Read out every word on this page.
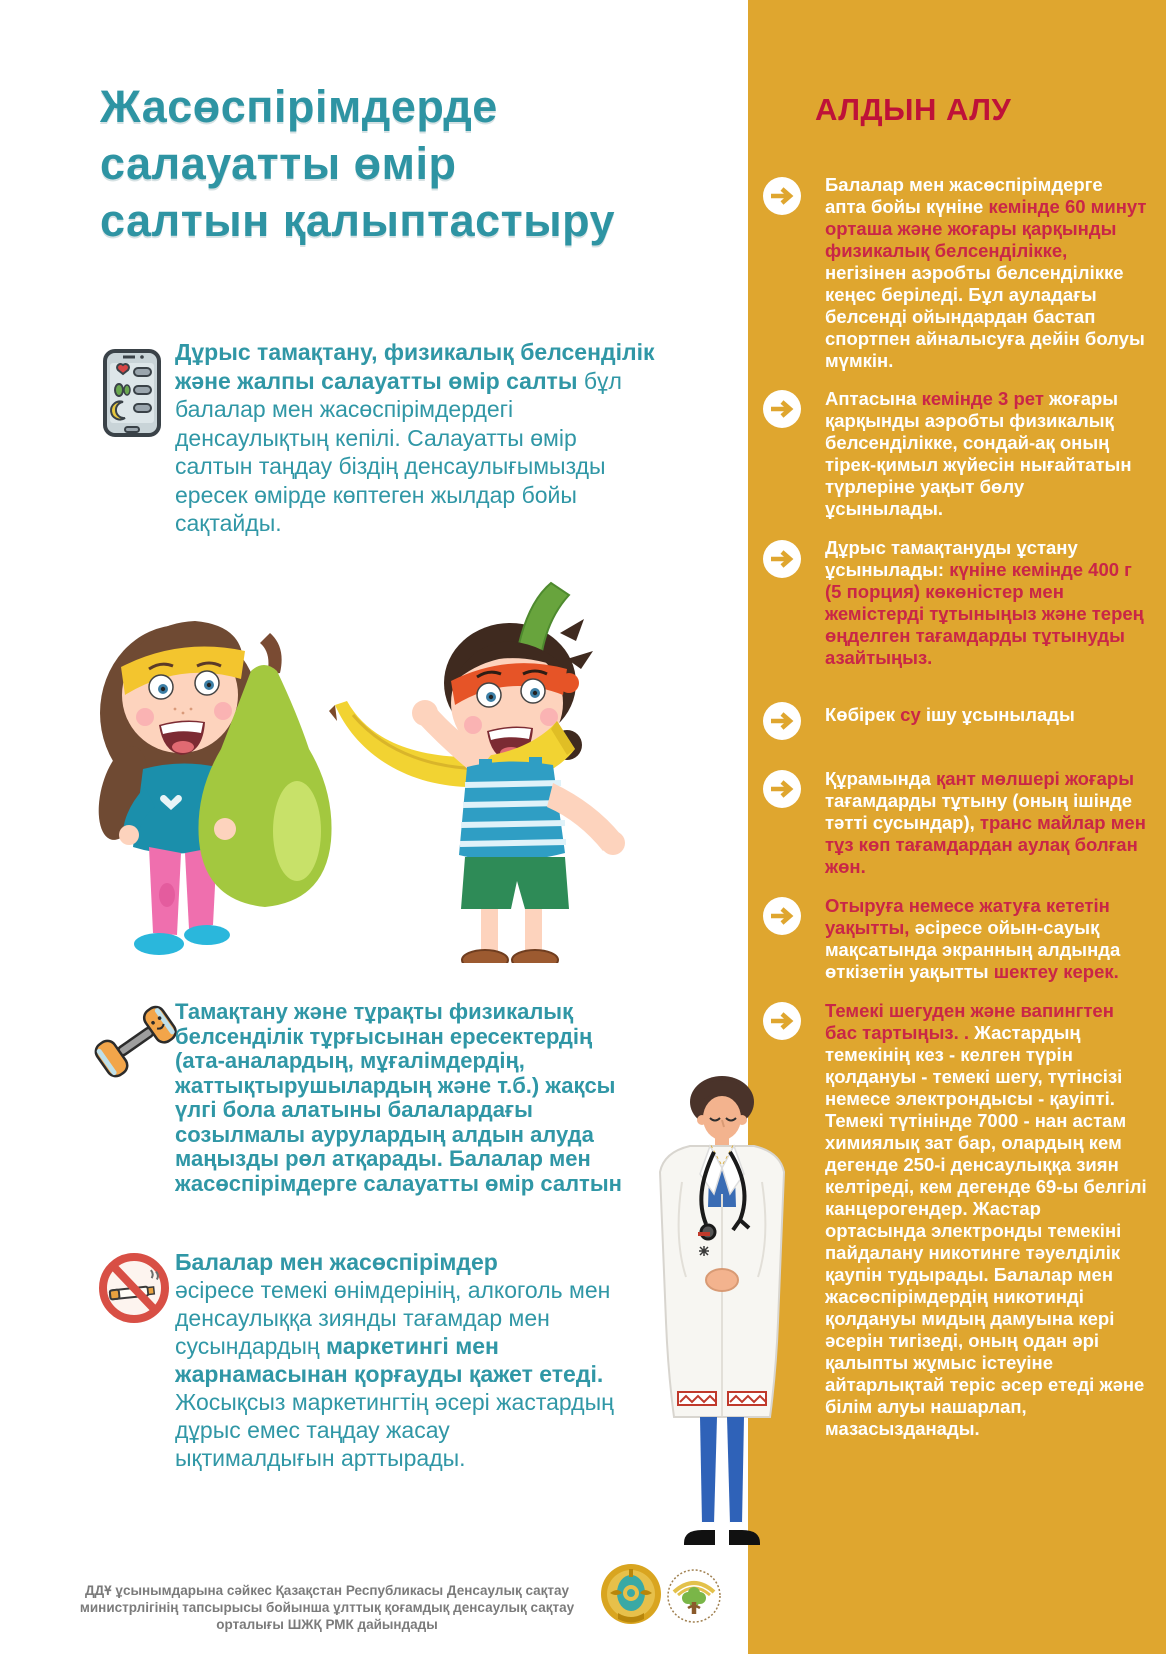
Жасөспірімдерде
салауатты өмір
салтын қалыптастыру
Дұрыс тамақтану, физикалық белсенділік және жалпы салауатты өмір салты бұл балалар мен жасөспірімдердегі денсаулықтың кепілі. Салауатты өмір салтын таңдау біздің денсаулығымызды ересек өмірде көптеген жылдар бойы сақтайды.
Тамақтану және тұрақты физикалық белсенділік тұрғысынан ересектердің (ата-аналардың, мұғалімдердің, жаттықтырушылардың және т.б.) жақсы үлгі бола алатыны балалардағы созылмалы аурулардың алдын алуда маңызды рөл атқарады. Балалар мен жасөспірімдерге салауатты өмір салтын
Балалар мен жасөспірімдер
әсіресе темекі өнімдерінің, алкоголь мен денсаулыққа зиянды тағамдар мен сусындардың маркетингі мен жарнамасынан қорғауды қажет етеді. Жосықсыз маркетингтің әсері жастардың дұрыс емес таңдау жасау ықтималдығын арттырады.
АЛДЫН АЛУ
Балалар мен жасөспірімдерге апта бойы күніне кемінде 60 минут орташа және жоғары қарқынды физикалық белсенділікке, негізінен аэробты белсенділікке кеңес беріледі. Бұл ауладағы белсенді ойындардан бастап спортпен айналысуға дейін болуы мүмкін.
Аптасына кемінде 3 рет жоғары қарқынды аэробты физикалық белсенділікке, сондай-ақ оның тірек-қимыл жүйесін нығайтатын түрлеріне уақыт бөлу ұсынылады.
Дұрыс тамақтануды ұстану ұсынылады: күніне кемінде 400 г (5 порция) көкөністер мен жемістерді тұтыныңыз және терең өңделген тағамдарды тұтынуды азайтыңыз.
Көбірек су ішу ұсынылады
Құрамында қант мөлшері жоғары тағамдарды тұтыну (оның ішінде тәтті сусындар), транс майлар мен тұз көп тағамдардан аулақ болған жөн.
Отыруға немесе жатуға кететін уақытты, әсіресе ойын-сауық мақсатында экранның алдында өткізетін уақытты шектеу керек.
Темекі шегуден және вапингтен бас тартыңыз. . Жастардың темекінің кез - келген түрін қолдануы - темекі шегу, түтінсізі немесе электрондысы - қауіпті. Темекі түтінінде 7000 - нан астам химиялық зат бар, олардың кем дегенде 250-і денсаулыққа зиян келтіреді, кем дегенде 69-ы белгілі канцерогендер. Жастар ортасында электронды темекіні пайдалану никотинге тәуелділік қаупін тудырады. Балалар мен жасөспірімдердің никотинді қолдануы мидың дамуына кері әсерін тигізеді, оның одан әрі қалыпты жұмыс істеуіне айтарлықтай теріс әсер етеді және білім алуы нашарлап, мазасызданады.
ДДҰ ұсынымдарына сәйкес Қазақстан Республикасы Денсаулық сақтау министрлігінің тапсырысы бойынша ұлттық қоғамдық денсаулық сақтау орталығы ШЖҚ РМК дайындады
